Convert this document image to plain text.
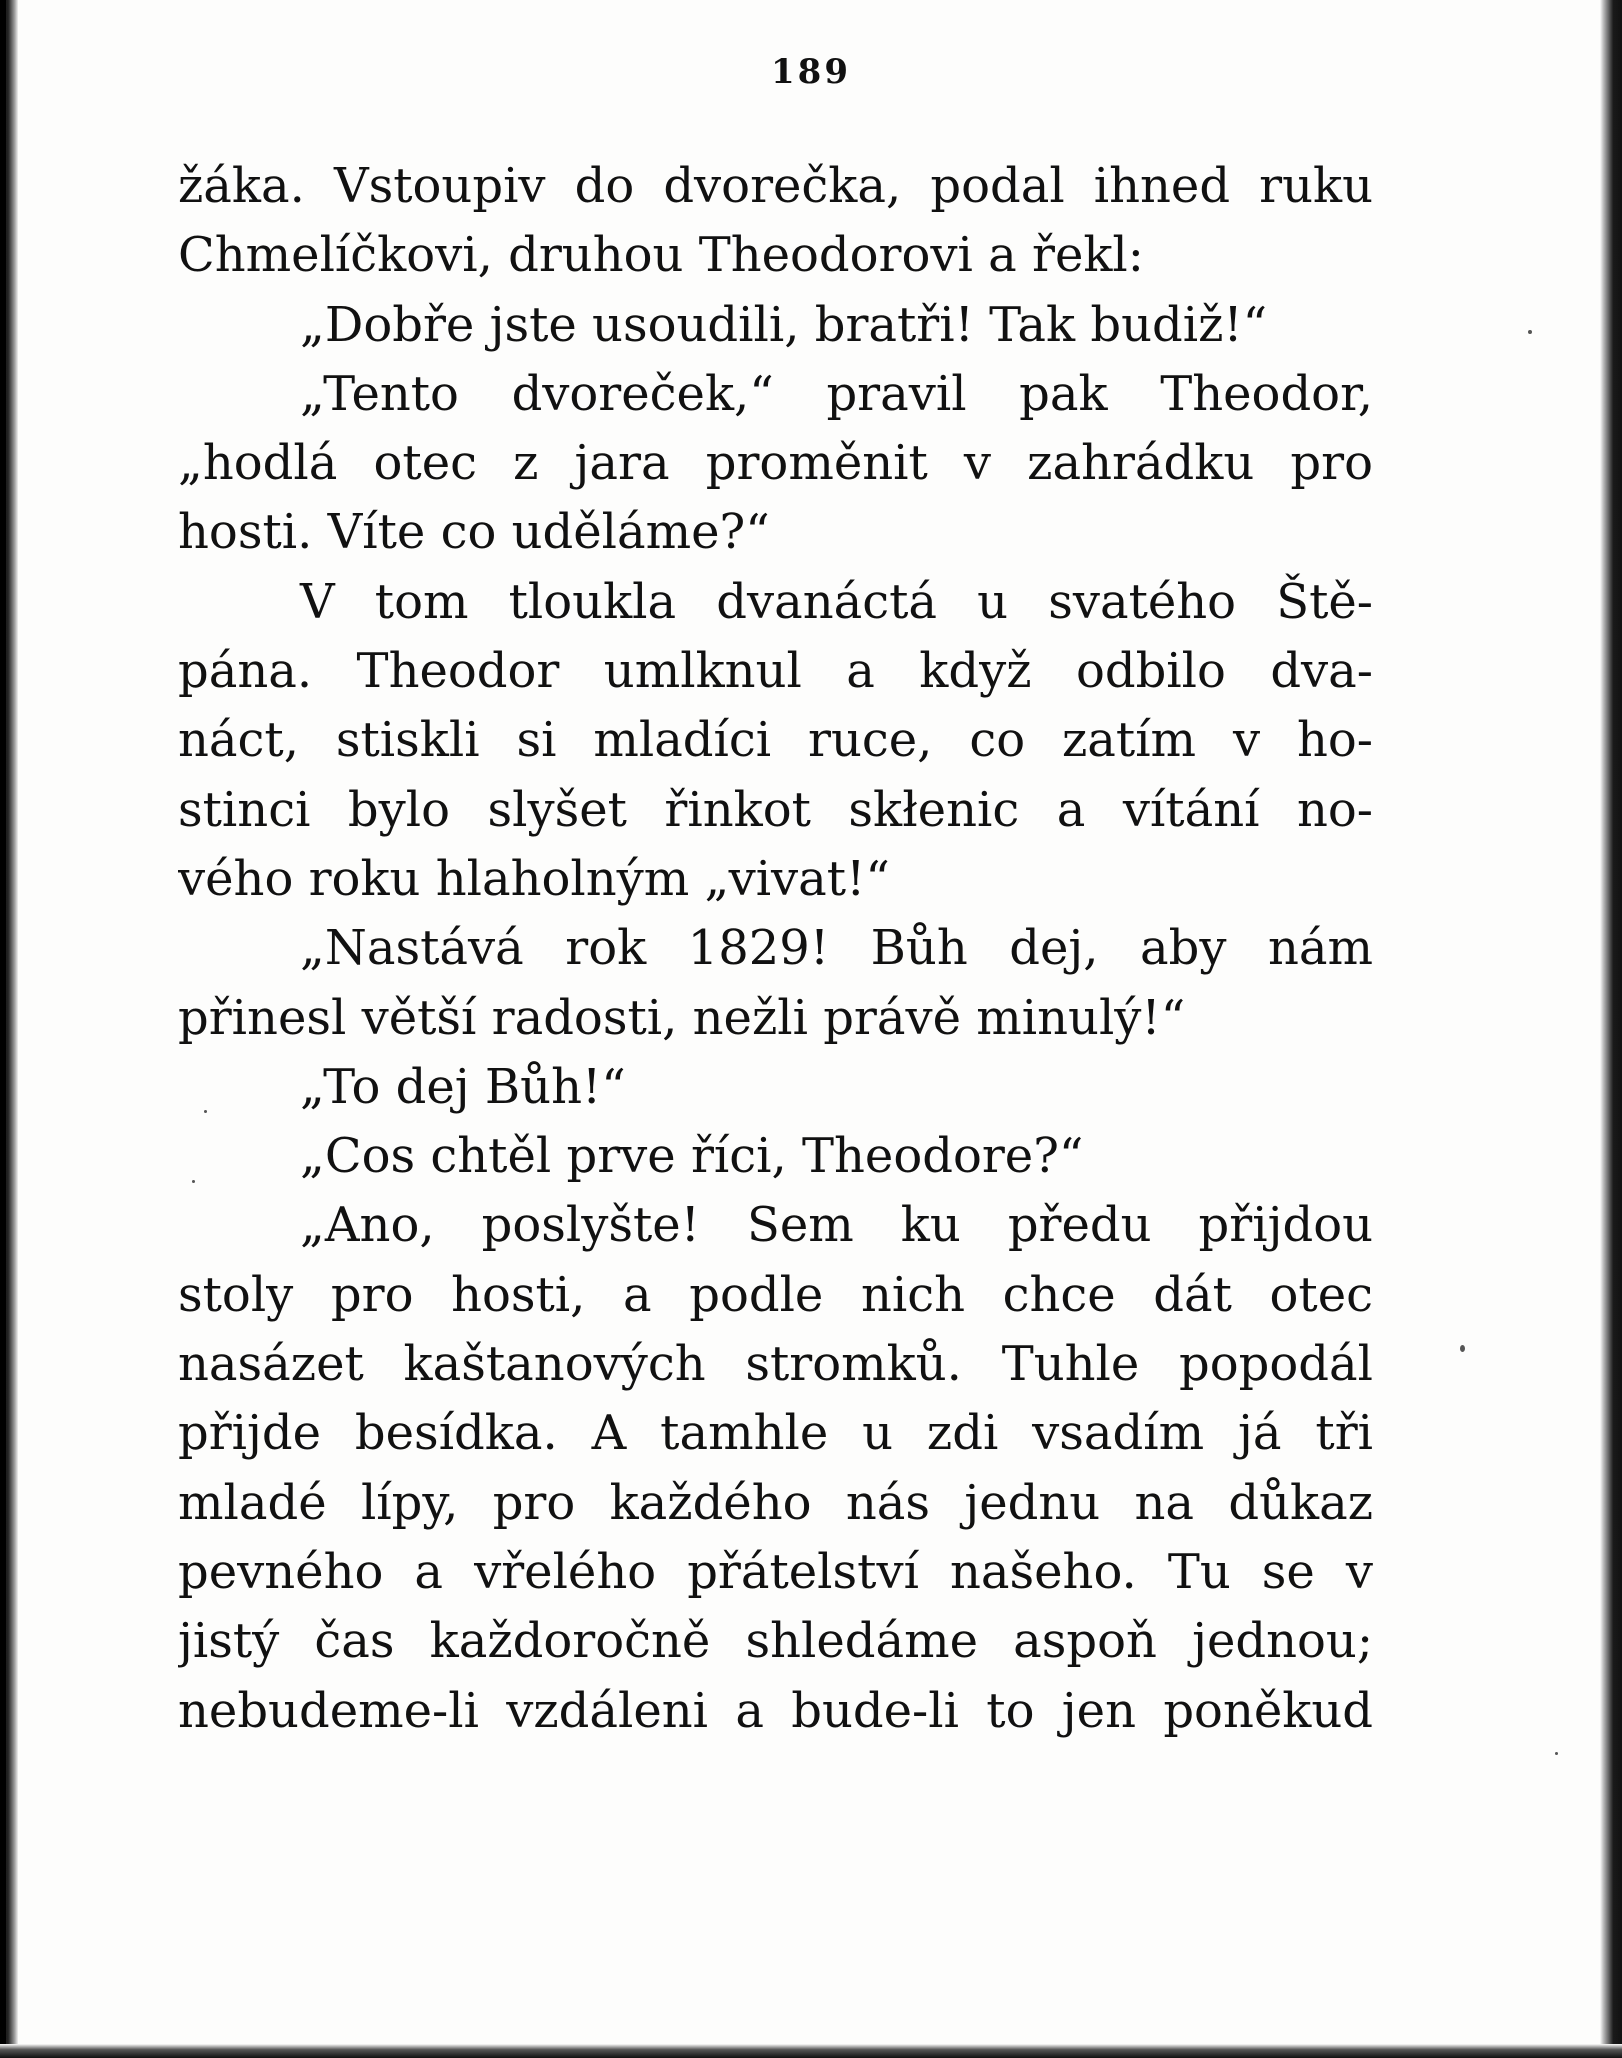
189
žáka. Vstoupiv do dvorečka, podal ihned ruku
Chmelíčkovi, druhou Theodorovi a řekl:
„Dobře jste usoudili, bratři! Tak budiž!“
„Tento dvoreček,“ pravil pak Theodor,
„hodlá otec z jara proměnit v zahrádku pro
hosti. Víte co uděláme?“
V tom tloukla dvanáctá u svatého Ště-
pána. Theodor umlknul a když odbilo dva-
náct, stiskli si mladíci ruce, co zatím v ho-
stinci bylo slyšet řinkot skłenic a vítání no-
vého roku hlaholným „vivat!“
„Nastává rok 1829! Bůh dej, aby nám
přinesl větší radosti, nežli právě minulý!“
„To dej Bůh!“
„Cos chtěl prve říci, Theodore?“
„Ano, poslyšte! Sem ku předu přijdou
stoly pro hosti, a podle nich chce dát otec
nasázet kaštanových stromků. Tuhle popodál
přijde besídka. A tamhle u zdi vsadím já tři
mladé lípy, pro každého nás jednu na důkaz
pevného a vřelého přátelství našeho. Tu se v
jistý čas každoročně shledáme aspoň jednou;
nebudeme-li vzdáleni a bude-li to jen poněkud
